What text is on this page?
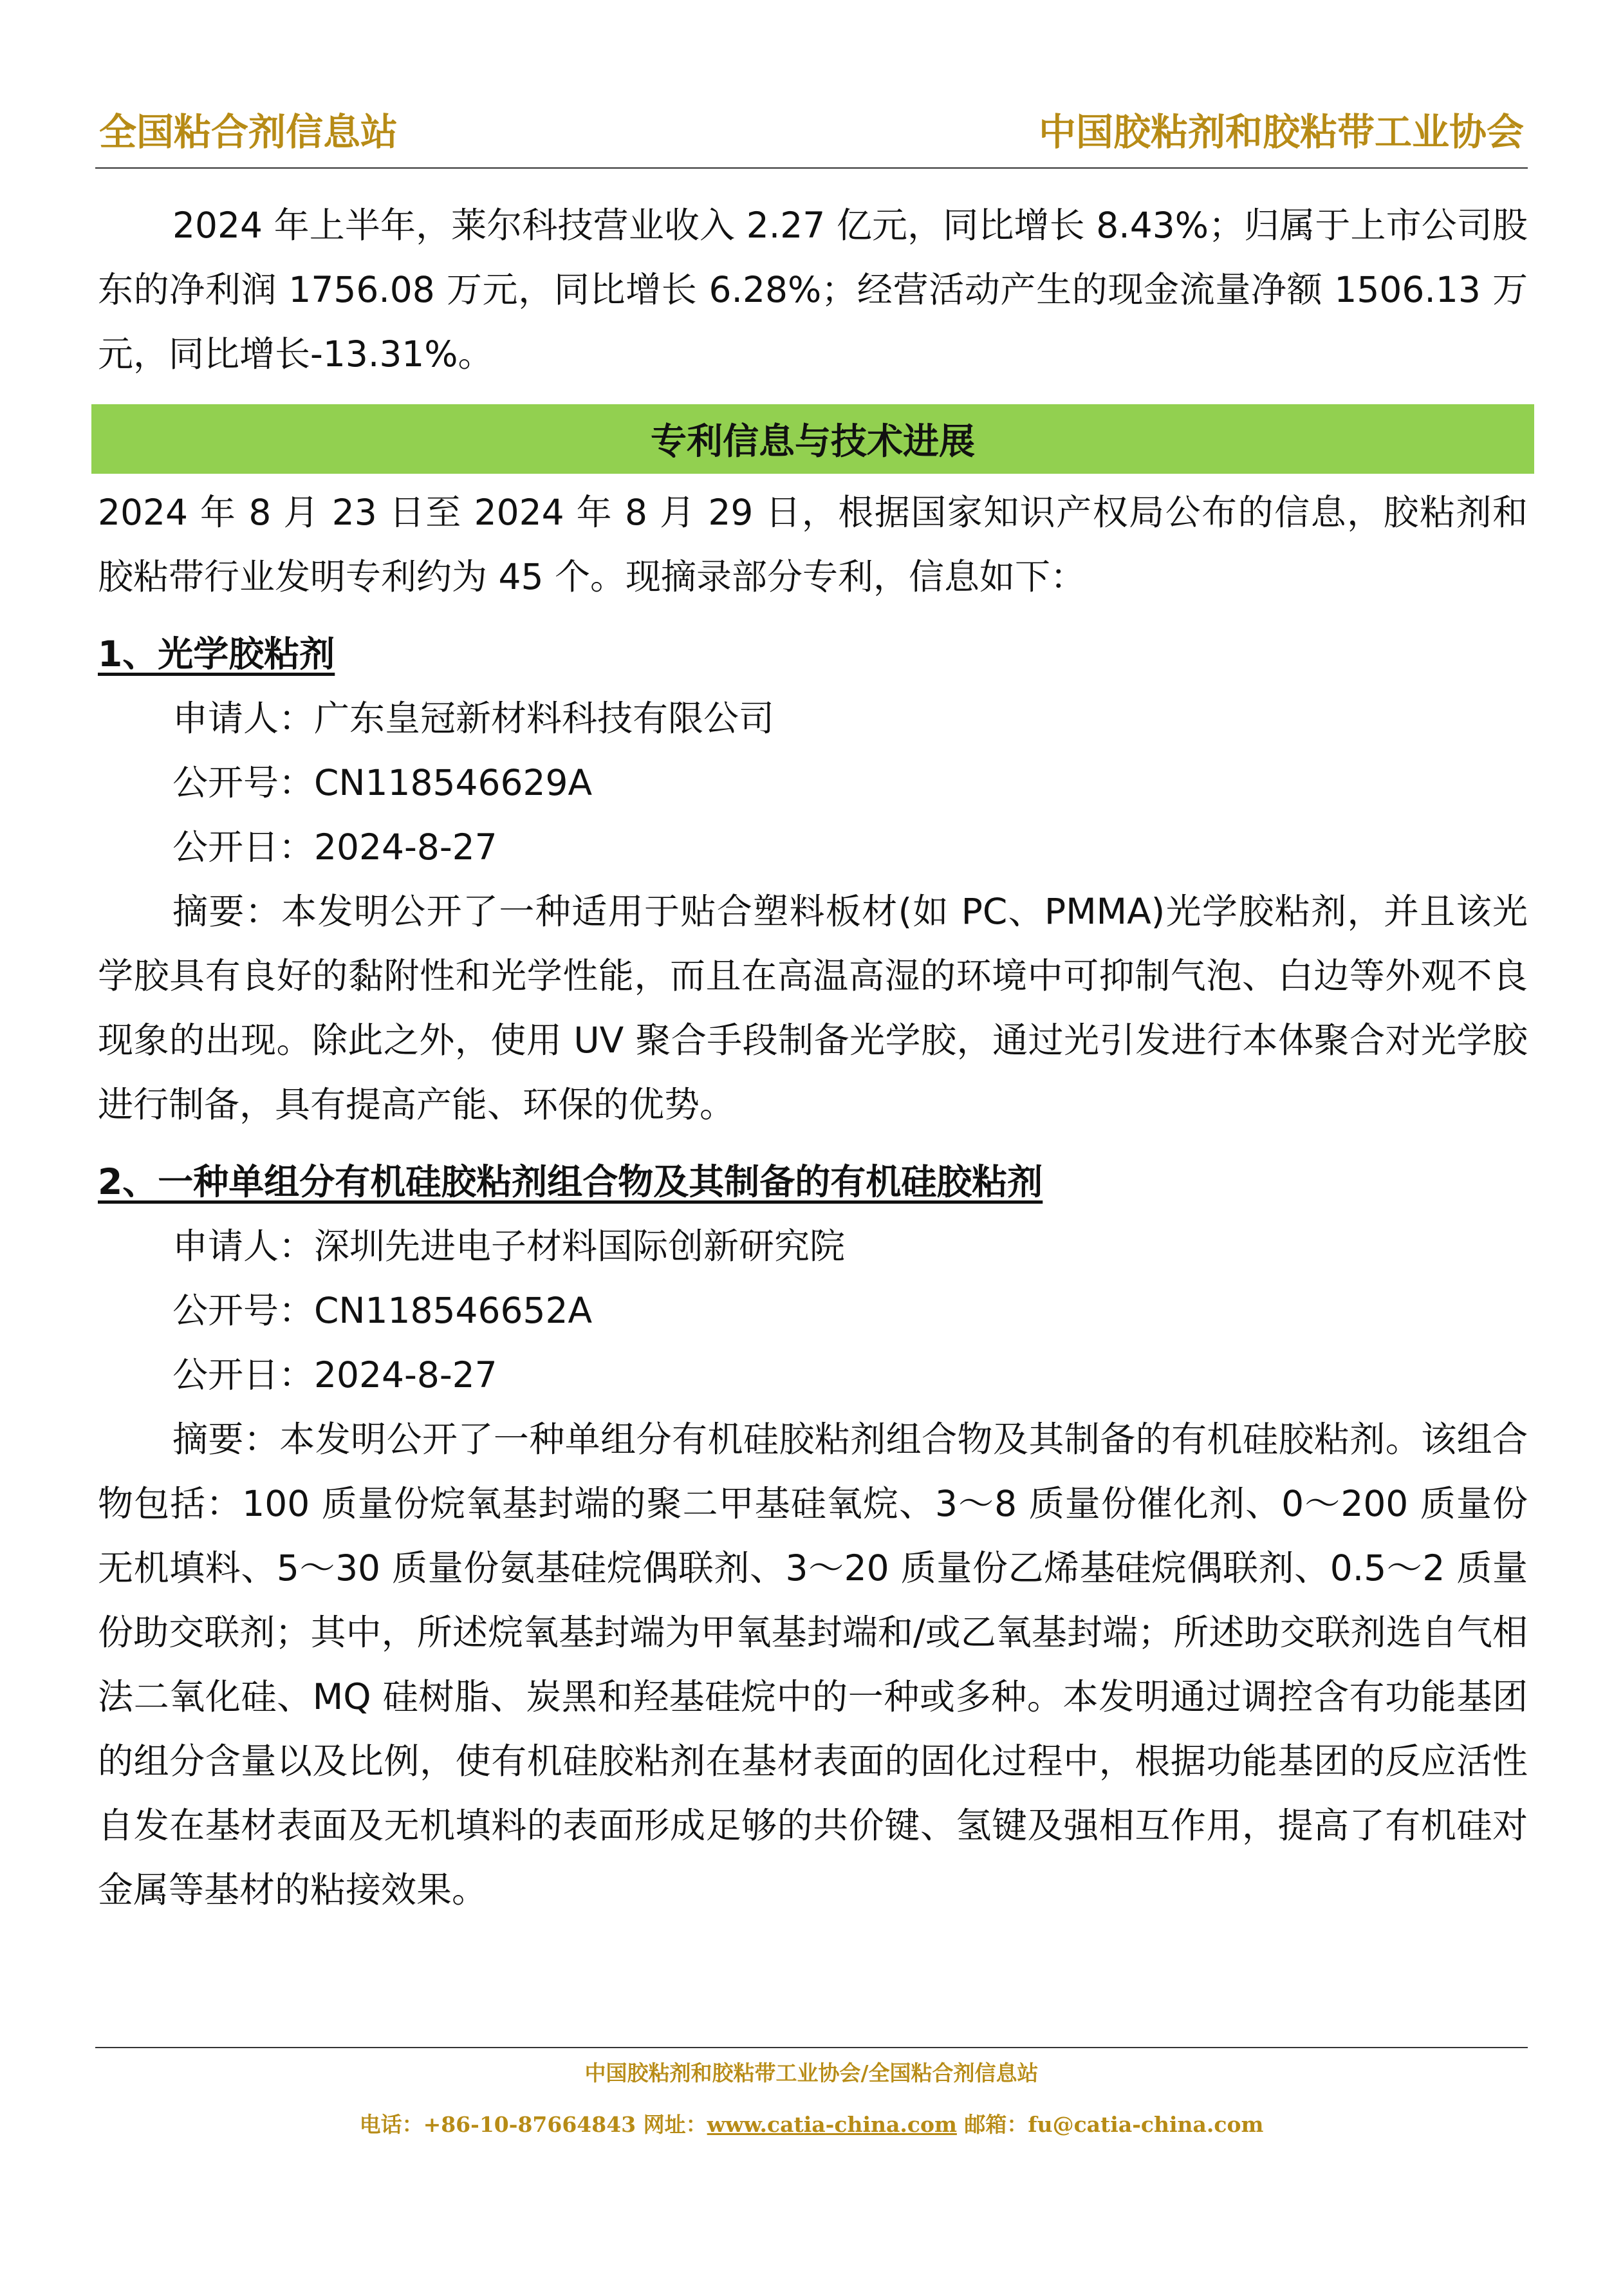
全国粘合剂信息站	中国胶粘剂和胶粘带工业协会

2024 年上半年，莱尔科技营业收入 2.27 亿元，同比增长 8.43%；归属于上市公司股东的净利润 1756.08 万元，同比增长 6.28%；经营活动产生的现金流量净额 1506.13 万元，同比增长-13.31%。

专利信息与技术进展

2024 年 8 月 23 日至 2024 年 8 月 29 日，根据国家知识产权局公布的信息，胶粘剂和胶粘带行业发明专利约为 45 个。现摘录部分专利，信息如下：

1、光学胶粘剂

申请人：广东皇冠新材料科技有限公司

公开号：CN118546629A

公开日：2024-8-27

摘要：本发明公开了一种适用于贴合塑料板材(如 PC、PMMA)光学胶粘剂，并且该光学胶具有良好的黏附性和光学性能，而且在高温高湿的环境中可抑制气泡、白边等外观不良现象的出现。除此之外，使用 UV 聚合手段制备光学胶，通过光引发进行本体聚合对光学胶进行制备，具有提高产能、环保的优势。

2、一种单组分有机硅胶粘剂组合物及其制备的有机硅胶粘剂

申请人：深圳先进电子材料国际创新研究院

公开号：CN118546652A

公开日：2024-8-27

摘要：本发明公开了一种单组分有机硅胶粘剂组合物及其制备的有机硅胶粘剂。该组合物包括：100 质量份烷氧基封端的聚二甲基硅氧烷、3～8 质量份催化剂、0～200 质量份无机填料、5～30 质量份氨基硅烷偶联剂、3～20 质量份乙烯基硅烷偶联剂、0.5～2 质量份助交联剂；其中，所述烷氧基封端为甲氧基封端和/或乙氧基封端；所述助交联剂选自气相法二氧化硅、MQ 硅树脂、炭黑和羟基硅烷中的一种或多种。本发明通过调控含有功能基团的组分含量以及比例，使有机硅胶粘剂在基材表面的固化过程中，根据功能基团的反应活性自发在基材表面及无机填料的表面形成足够的共价键、氢键及强相互作用，提高了有机硅对金属等基材的粘接效果。

中国胶粘剂和胶粘带工业协会/全国粘合剂信息站
电话：+86-10-87664843 网址：www.catia-china.com 邮箱：fu@catia-china.com
